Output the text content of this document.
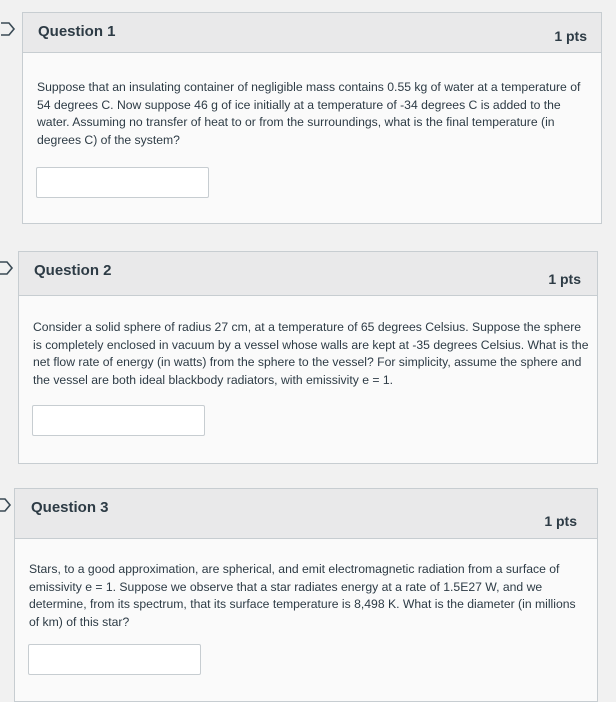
Question 1	1 pts
Suppose that an insulating container of negligible mass contains 0.55 kg of water at a temperature of 54 degrees C. Now suppose 46 g of ice initially at a temperature of -34 degrees C is added to the water. Assuming no transfer of heat to or from the surroundings, what is the final temperature (in degrees C) of the system?
Question 2	1 pts
Consider a solid sphere of radius 27 cm, at a temperature of 65 degrees Celsius. Suppose the sphere is completely enclosed in vacuum by a vessel whose walls are kept at -35 degrees Celsius. What is the net flow rate of energy (in watts) from the sphere to the vessel? For simplicity, assume the sphere and the vessel are both ideal blackbody radiators, with emissivity e = 1.
Question 3
1 pts
Stars, to a good approximation, are spherical, and emit electromagnetic radiation from a surface of emissivity e = 1. Suppose we observe that a star radiates energy at a rate of 1.5E27 W, and we determine, from its spectrum, that its surface temperature is 8,498 K. What is the diameter (in millions of km) of this star?
